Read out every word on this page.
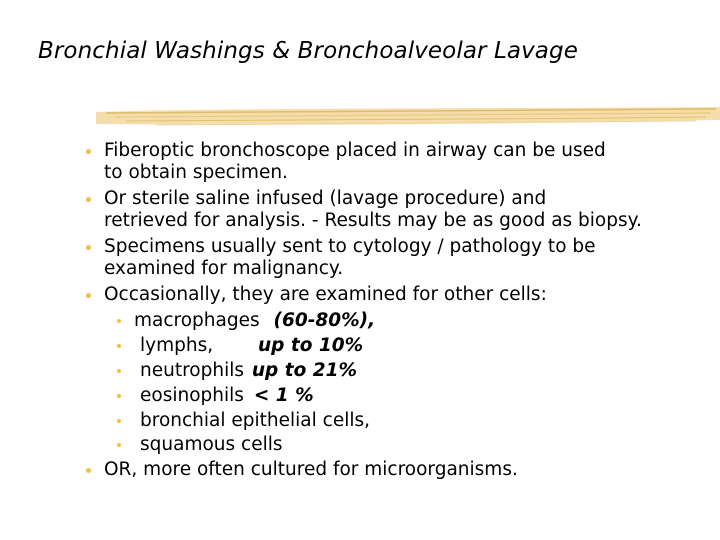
Bronchial Washings & Bronchoalveolar Lavage
Fiberoptic bronchoscope placed in airway can be used
to obtain specimen.
Or sterile saline infused (lavage procedure) and
retrieved for analysis. - Results may be as good as biopsy.
Specimens usually sent to cytology / pathology to be
examined for malignancy.
Occasionally, they are examined for other cells:
macrophages (60-80%),
lymphs, up to 10%
neutrophils up to 21%
eosinophils < 1 %
bronchial epithelial cells,
squamous cells
OR, more often cultured for microorganisms.
